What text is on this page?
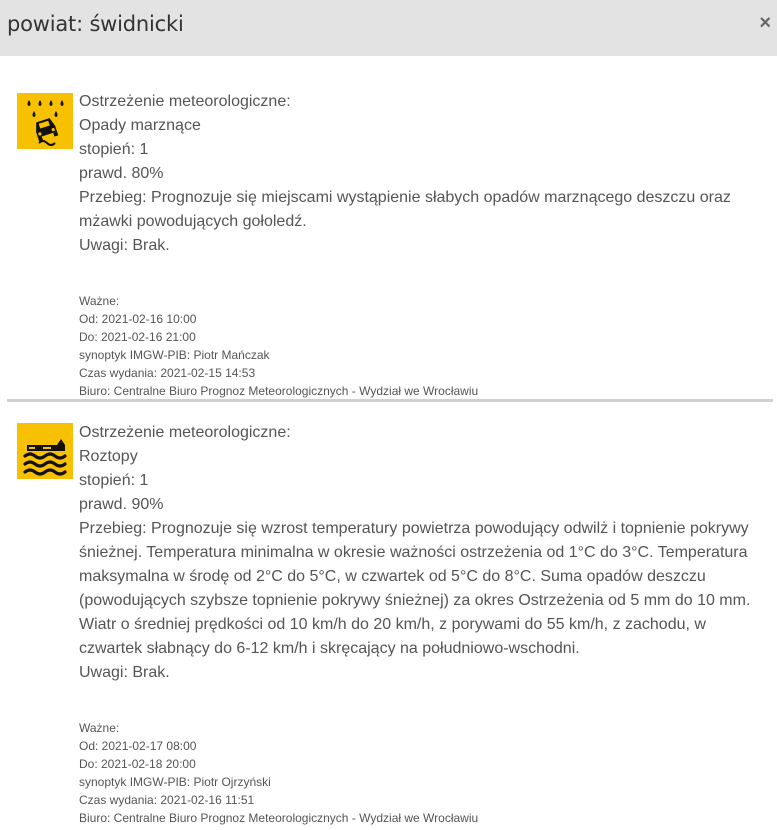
powiat: świdnicki	×
Ostrzeżenie meteorologiczne:
Opady marznące
stopień: 1
prawd. 80%
Przebieg: Prognozuje się miejscami wystąpienie słabych opadów marznącego deszczu oraz mżawki powodujących gołoledź.
Uwagi: Brak.
Ważne:
Od: 2021-02-16 10:00
Do: 2021-02-16 21:00
synoptyk IMGW-PIB: Piotr Mańczak
Czas wydania: 2021-02-15 14:53
Biuro: Centralne Biuro Prognoz Meteorologicznych - Wydział we Wrocławiu
Ostrzeżenie meteorologiczne:
Roztopy
stopień: 1
prawd. 90%
Przebieg: Prognozuje się wzrost temperatury powietrza powodujący odwilż i topnienie pokrywy śnieżnej. Temperatura minimalna w okresie ważności ostrzeżenia od 1°C do 3°C. Temperatura maksymalna w środę od 2°C do 5°C, w czwartek od 5°C do 8°C. Suma opadów deszczu (powodujących szybsze topnienie pokrywy śnieżnej) za okres Ostrzeżenia od 5 mm do 10 mm. Wiatr o średniej prędkości od 10 km/h do 20 km/h, z porywami do 55 km/h, z zachodu, w czwartek słabnący do 6-12 km/h i skręcający na południowo-wschodni.
Uwagi: Brak.
Ważne:
Od: 2021-02-17 08:00
Do: 2021-02-18 20:00
synoptyk IMGW-PIB: Piotr Ojrzyński
Czas wydania: 2021-02-16 11:51
Biuro: Centralne Biuro Prognoz Meteorologicznych - Wydział we Wrocławiu
